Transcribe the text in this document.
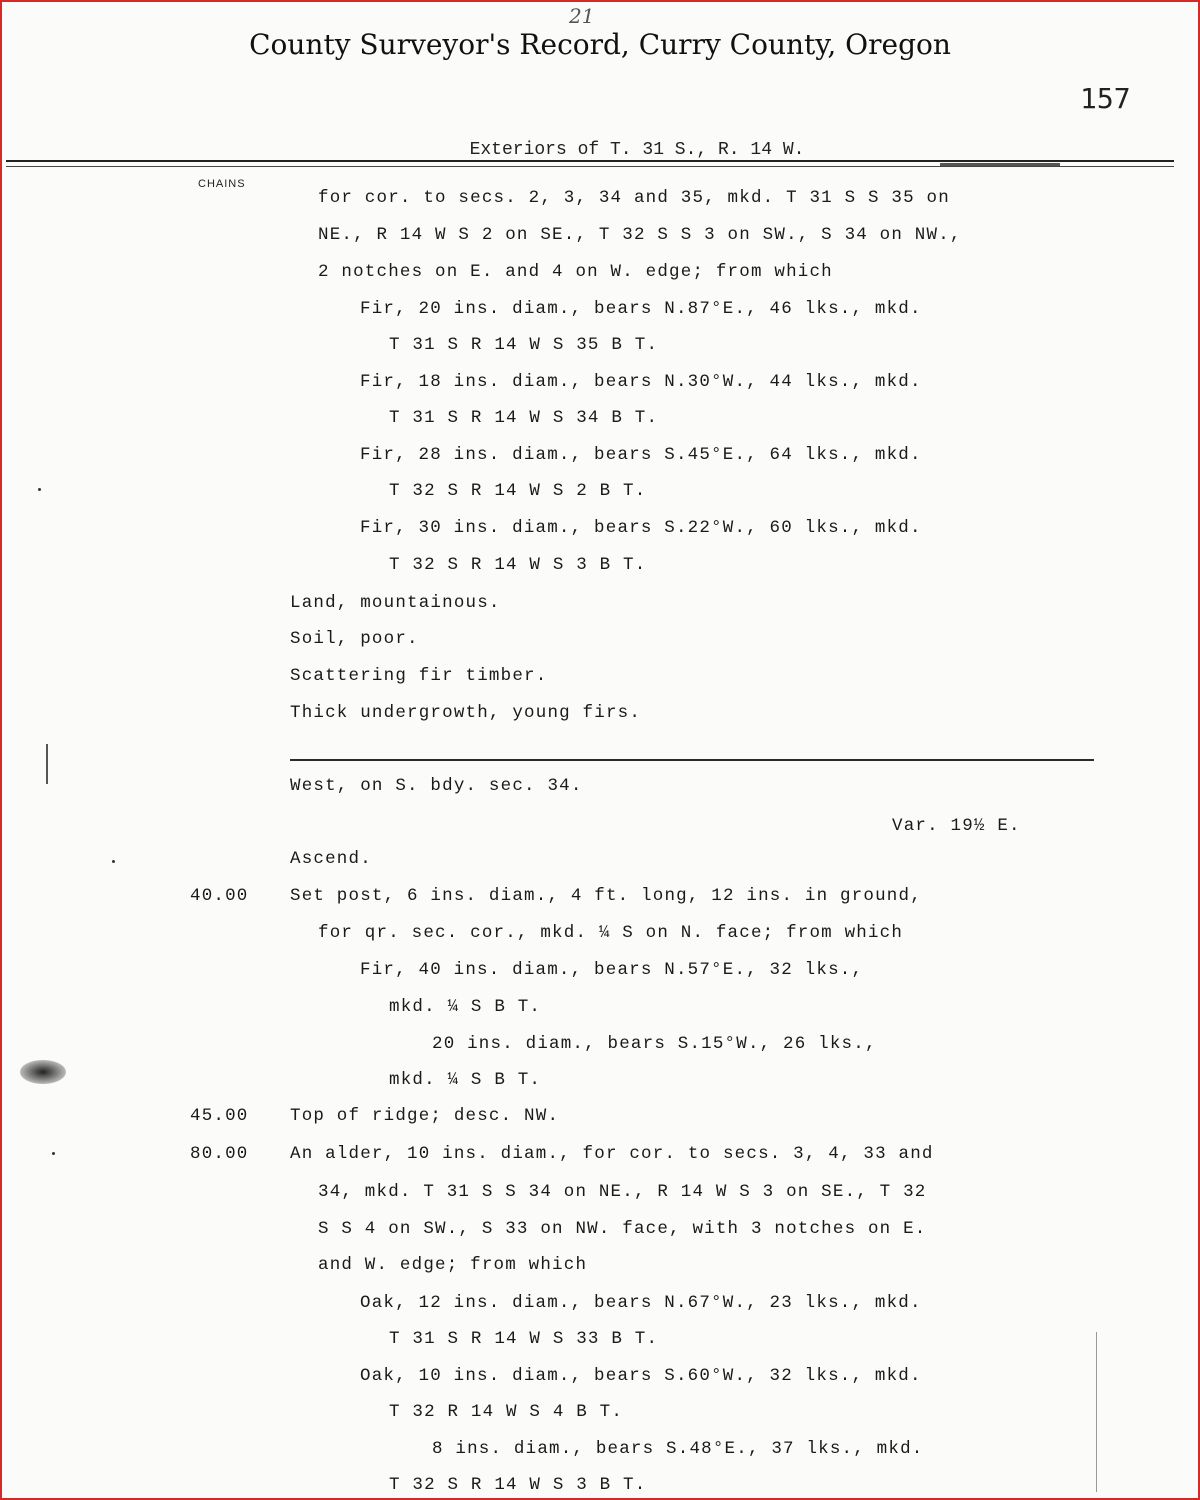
21
County Surveyor's Record, Curry County, Oregon
157
Exteriors of T. 31 S., R. 14 W.
CHAINS
for cor. to secs. 2, 3, 34 and 35, mkd. T 31 S S 35 on
NE., R 14 W S 2 on SE., T 32 S S 3 on SW., S 34 on NW.,
2 notches on E. and 4 on W. edge; from which
Fir, 20 ins. diam., bears N.87°E., 46 lks., mkd.
T 31 S R 14 W S 35 B T.
Fir, 18 ins. diam., bears N.30°W., 44 lks., mkd.
T 31 S R 14 W S 34 B T.
Fir, 28 ins. diam., bears S.45°E., 64 lks., mkd.
T 32 S R 14 W S 2 B T.
Fir, 30 ins. diam., bears S.22°W., 60 lks., mkd.
T 32 S R 14 W S 3 B T.
Land, mountainous.
Soil, poor.
Scattering fir timber.
Thick undergrowth, young firs.
West, on S. bdy. sec. 34.
Var. 19½ E.
Ascend.
40.00 Set post, 6 ins. diam., 4 ft. long, 12 ins. in ground,
for qr. sec. cor., mkd. ¼ S on N. face; from which
Fir, 40 ins. diam., bears N.57°E., 32 lks.,
mkd. ¼ S B T.
20 ins. diam., bears S.15°W., 26 lks.,
mkd. ¼ S B T.
45.00 Top of ridge; desc. NW.
80.00 An alder, 10 ins. diam., for cor. to secs. 3, 4, 33 and
34, mkd. T 31 S S 34 on NE., R 14 W S 3 on SE., T 32
S S 4 on SW., S 33 on NW. face, with 3 notches on E.
and W. edge; from which
Oak, 12 ins. diam., bears N.67°W., 23 lks., mkd.
T 31 S R 14 W S 33 B T.
Oak, 10 ins. diam., bears S.60°W., 32 lks., mkd.
T 32 R 14 W S 4 B T.
8 ins. diam., bears S.48°E., 37 lks., mkd.
T 32 S R 14 W S 3 B T.
